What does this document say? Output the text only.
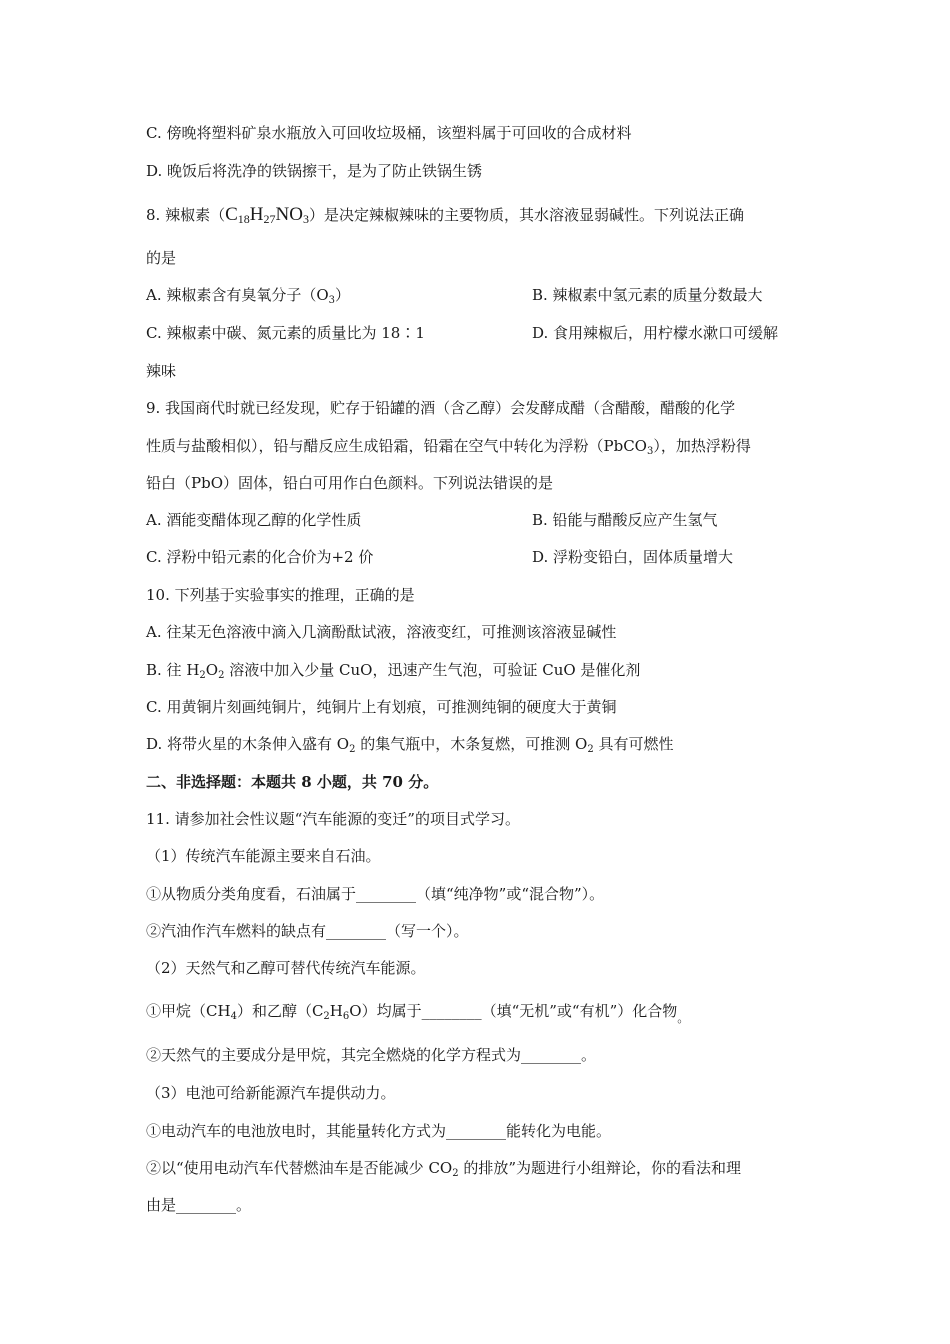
C. 傍晚将塑料矿泉水瓶放入可回收垃圾桶，该塑料属于可回收的合成材料
D. 晚饭后将洗净的铁锅擦干，是为了防止铁锅生锈
8. 辣椒素$(C_{18}H_{27}NO_3)$是决定辣椒辣味的主要物质，其水溶液显弱碱性。下列说法正确
的是
A. 辣椒素含有臭氧分子$(O_3)$	B. 辣椒素中氢元素的质量分数最大
C. 辣椒素中碳、氮元素的质量比为 18∶1	D. 食用辣椒后，用柠檬水漱口可缓解
辣味
9. 我国商代时就已经发现，贮存于铅罐的酒（含乙醇）会发酵成醋（含醋酸，醋酸的化学
性质与盐酸相似），铅与醋反应生成铅霜，铅霜在空气中转化为浮粉（PbCO$_3$），加热浮粉得
铅白（PbO）固体，铅白可用作白色颜料。下列说法错误的是
A. 酒能变醋体现乙醇的化学性质	B. 铅能与醋酸反应产生氢气
C. 浮粉中铅元素的化合价为+2 价	D. 浮粉变铅白，固体质量增大
10. 下列基于实验事实的推理，正确的是
A. 往某无色溶液中滴入几滴酚酞试液，溶液变红，可推测该溶液显碱性
B. 往 $H_2O_2$ 溶液中加入少量 CuO，迅速产生气泡，可验证 CuO 是催化剂
C. 用黄铜片刻画纯铜片，纯铜片上有划痕，可推测纯铜的硬度大于黄铜
D. 将带火星的木条伸入盛有 $O_2$ 的集气瓶中，木条复燃，可推测 $O_2$ 具有可燃性
二、非选择题：本题共 8 小题，共 70 分。
11. 请参加社会性议题“汽车能源的变迁”的项目式学习。
（1）传统汽车能源主要来自石油。
①从物质分类角度看，石油属于________（填“纯净物”或“混合物”）。
②汽油作汽车燃料的缺点有________（写一个）。
（2）天然气和乙醇可替代传统汽车能源。
①甲烷$(CH_4)$和乙醇$(C_2H_6O)$均属于________（填“无机”或“有机”）化合物$_。$
②天然气的主要成分是甲烷，其完全燃烧的化学方程式为________。
（3）电池可给新能源汽车提供动力。
①电动汽车的电池放电时，其能量转化方式为________能转化为电能。
②以“使用电动汽车代替燃油车是否能减少 $CO_2$ 的排放”为题进行小组辩论，你的看法和理
由是________。
